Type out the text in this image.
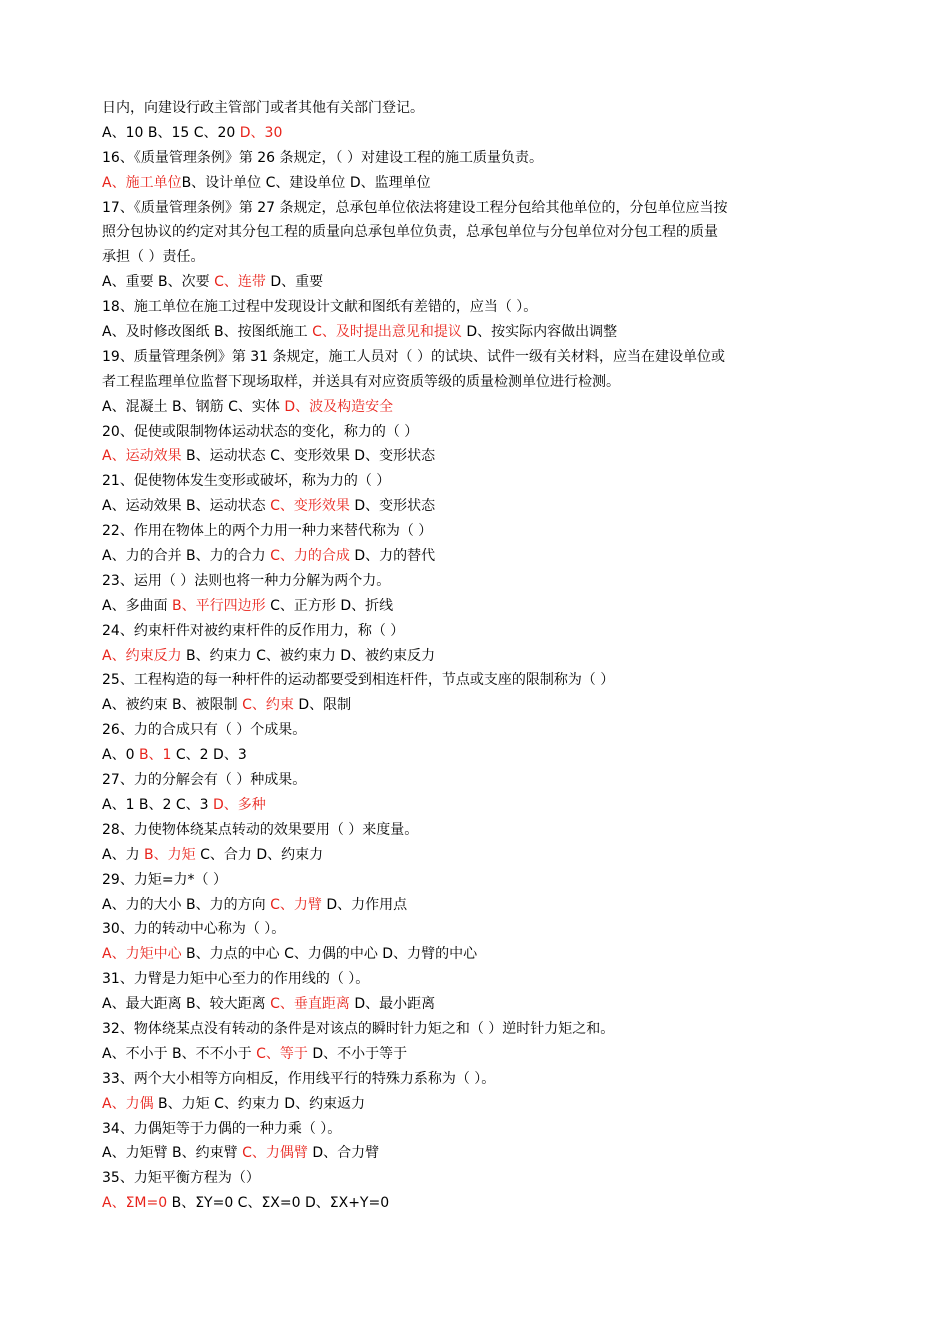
日内，向建设行政主管部门或者其他有关部门登记。
A、10 B、15 C、20 D、30
16、《质量管理条例》第 26 条规定，（ ）对建设工程的施工质量负责。
A、施工单位B、设计单位 C、建设单位 D、监理单位
17、《质量管理条例》第 27 条规定，总承包单位依法将建设工程分包给其他单位的，分包单位应当按
照分包协议的约定对其分包工程的质量向总承包单位负责，总承包单位与分包单位对分包工程的质量
承担（ ）责任。
A、重要 B、次要 C、连带 D、重要
18、施工单位在施工过程中发现设计文献和图纸有差错的，应当（ ）。
A、及时修改图纸 B、按图纸施工 C、及时提出意见和提议 D、按实际内容做出调整
19、质量管理条例》第 31 条规定，施工人员对（ ）的试块、试件一级有关材料，应当在建设单位或
者工程监理单位监督下现场取样，并送具有对应资质等级的质量检测单位进行检测。
A、混凝土 B、钢筋 C、实体 D、波及构造安全
20、促使或限制物体运动状态的变化，称力的（ ）
A、运动效果 B、运动状态 C、变形效果 D、变形状态
21、促使物体发生变形或破坏，称为力的（ ）
A、运动效果 B、运动状态 C、变形效果 D、变形状态
22、作用在物体上的两个力用一种力来替代称为（ ）
A、力的合并 B、力的合力 C、力的合成 D、力的替代
23、运用（ ）法则也将一种力分解为两个力。
A、多曲面 B、平行四边形 C、正方形 D、折线
24、约束杆件对被约束杆件的反作用力，称（ ）
A、约束反力 B、约束力 C、被约束力 D、被约束反力
25、工程构造的每一种杆件的运动都要受到相连杆件，节点或支座的限制称为（ ）
A、被约束 B、被限制 C、约束 D、限制
26、力的合成只有（ ）个成果。
A、0 B、1 C、2 D、3
27、力的分解会有（ ）种成果。
A、1 B、2 C、3 D、多种
28、力使物体绕某点转动的效果要用（ ）来度量。
A、力 B、力矩 C、合力 D、约束力
29、力矩=力*（ ）
A、力的大小 B、力的方向 C、力臂 D、力作用点
30、力的转动中心称为（ ）。
A、力矩中心 B、力点的中心 C、力偶的中心 D、力臂的中心
31、力臂是力矩中心至力的作用线的（ ）。
A、最大距离 B、较大距离 C、垂直距离 D、最小距离
32、物体绕某点没有转动的条件是对该点的瞬时针力矩之和（ ）逆时针力矩之和。
A、不小于 B、不不小于 C、等于 D、不小于等于
33、两个大小相等方向相反，作用线平行的特殊力系称为（ ）。
A、力偶 B、力矩 C、约束力 D、约束返力
34、力偶矩等于力偶的一种力乘（ ）。
A、力矩臂 B、约束臂 C、力偶臂 D、合力臂
35、力矩平衡方程为（）
A、ΣM=0 B、ΣY=0 C、ΣX=0 D、ΣX+Y=0
